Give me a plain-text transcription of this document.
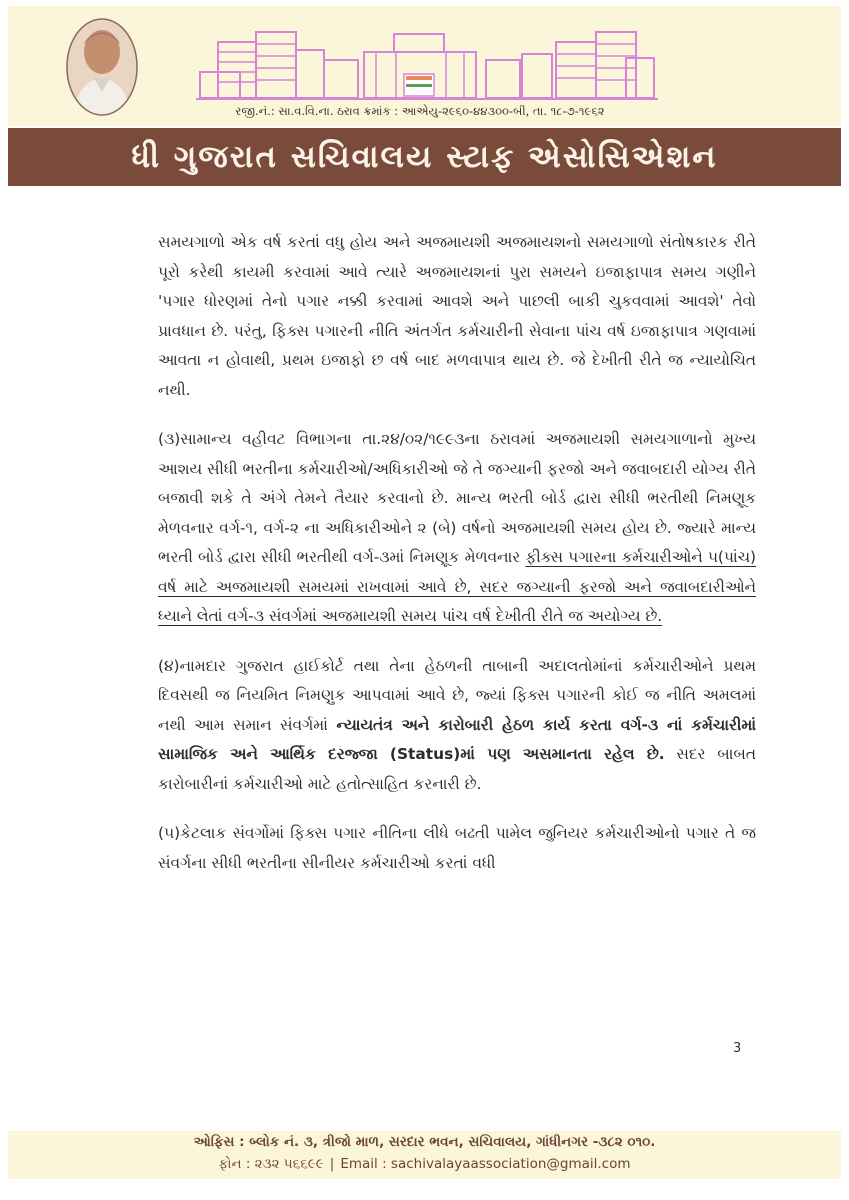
રજી.નં.: સા.વ.વિ.ના. ઠરાવ ક્રમાંક : આએયુ-૨૯૬૦-૪૪૩૦૦-બી, તા. ૧૮-૭-૧૯૬૨
ધી ગુજરાત સચિવાલય સ્ટાફ એસોસિએશન

સમયગાળો એક વર્ષ કરતાં વધુ હોય અને અજમાયશી અજમાયશનો સમયગાળો સંતોષકારક રીતે પૂરો કરેથી કાયમી કરવામાં આવે ત્યારે અજમાયશનાં પુરા સમયને ઇજાફાપાત્ર સમય ગણીને 'પગાર ધોરણમાં તેનો પગાર નક્કી કરવામાં આવશે અને પાછલી બાકી ચુકવવામાં આવશે' તેવો પ્રાવધાન છે. પરંતુ, ફિક્સ પગારની નીતિ અંતર્ગત કર્મચારીની સેવાના પાંચ વર્ષ ઇજાફાપાત્ર ગણવામાં આવતા ન હોવાથી, પ્રથમ ઇજાફો છ વર્ષ બાદ મળવાપાત્ર થાય છે. જે દેખીતી રીતે જ ન્યાયોચિત નથી.

(૩)સામાન્ય વહીવટ વિભાગના તા.૨૪/૦૨/૧૯૯૩ના ઠરાવમાં અજમાયશી સમયગાળાનો મુખ્ય આશય સીધી ભરતીના કર્મચારીઓ/અધિકારીઓ જે તે જગ્યાની ફરજો અને જવાબદારી યોગ્ય રીતે બજાવી શકે તે અંગે તેમને તૈયાર કરવાનો છે. માન્ય ભરતી બોર્ડ દ્વારા સીધી ભરતીથી નિમણૂક મેળવનાર વર્ગ-૧, વર્ગ-૨ ના અધિકારીઓને ૨ (બે) વર્ષનો અજમાયશી સમય હોય છે. જ્યારે માન્ય ભરતી બોર્ડ દ્વારા સીધી ભરતીથી વર્ગ-૩માં નિમણૂક મેળવનાર ફીક્સ પગારના કર્મચારીઓને ૫(પાંચ) વર્ષ માટે અજમાયશી સમયમાં રાખવામાં આવે છે, સદર જગ્યાની ફરજો અને જવાબદારીઓને ધ્યાને લેતાં વર્ગ-૩ સંવર્ગમાં અજમાયશી સમય પાંચ વર્ષ દેખીતી રીતે જ અયોગ્ય છે.

(૪)નામદાર ગુજરાત હાઈકોર્ટ તથા તેના હેઠળની તાબાની અદાલતોમાંનાં કર્મચારીઓને પ્રથમ દિવસથી જ નિયમિત નિમણુક આપવામાં આવે છે, જ્યાં ફિક્સ પગારની કોઈ જ નીતિ અમલમાં નથી આમ સમાન સંવર્ગમાં ન્યાયતંત્ર અને કારોબારી હેઠળ કાર્ય કરતા વર્ગ-૩ નાં કર્મચારીમાં સામાજિક અને આર્થિક દરજ્જા (Status)માં પણ અસમાનતા રહેલ છે. સદર બાબત કારોબારીનાં કર્મચારીઓ માટે હતોત્સાહિત કરનારી છે.

(૫)કેટલાક સંવર્ગોમાં ફિક્સ પગાર નીતિના લીધે બઢતી પામેલ જુનિયર કર્મચારીઓનો પગાર તે જ સંવર્ગના સીધી ભરતીના સીનીયર કર્મચારીઓ કરતાં વધી

3
ઓફિસ : બ્લોક નં. ૩, ત્રીજો માળ, સરદાર ભવન, સચિવાલય, ગાંધીનગર -૩૮૨ ૦૧૦.
ફોન : ૨૩૨ ૫૬૬૯૯ | Email : sachivalayaassociation@gmail.com
